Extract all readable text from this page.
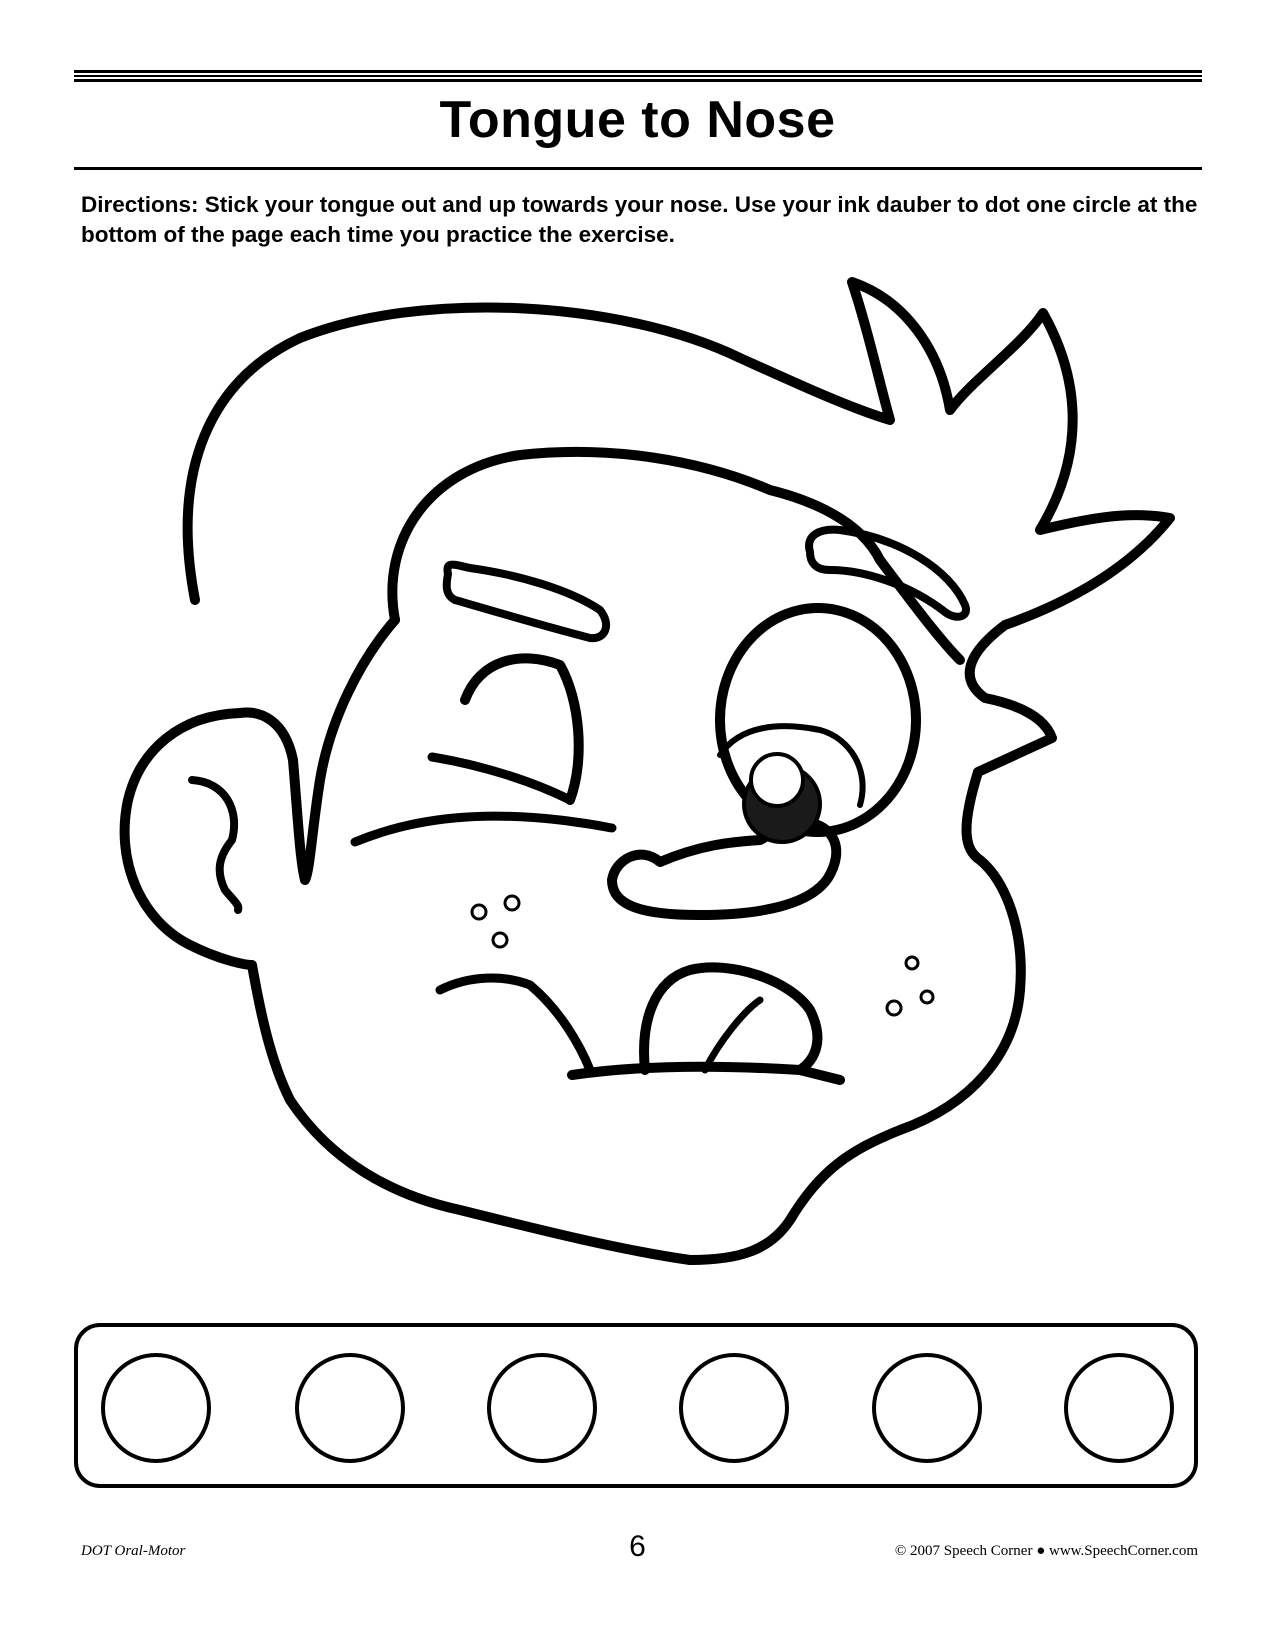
Tongue to Nose
Directions: Stick your tongue out and up towards your nose. Use your ink dauber to dot one circle at the bottom of the page each time you practice the exercise.
DOT Oral-Motor	6	© 2007 Speech Corner ● www.SpeechCorner.com
